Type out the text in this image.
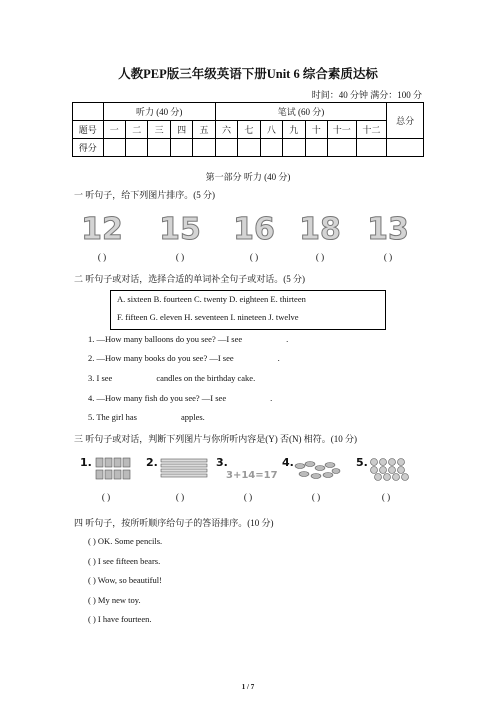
人教PEP版三年级英语下册Unit 6 综合素质达标
时间：40 分钟 满分：100 分
	听力 (40 分)					笔试 (60 分)							总分
题号	一	二	三	四	五	六	七	八	九	十	十一	十二	
得分													
第一部分 听力 (40 分)
一 听句子，给下列图片排序。(5 分)
12 15 16 18 13
( )	( )	( )	( )	( )
二 听句子或对话，选择合适的单词补全句子或对话。(5 分)
A. sixteen B. fourteen C. twenty D. eighteen E. thirteen
F. fifteen G. eleven H. seventeen I. nineteen J. twelve
1. —How many balloons do you see? —I see	.
2. —How many books do you see? —I see	.
3. I see	candles on the birthday cake.
4. —How many fish do you see? —I see	.
5. The girl has	apples.
三 听句子或对话，判断下列图片与你所听内容是(Y) 否(N) 相符。(10 分)
1.	2.	3.
3+14=17
4.	5.
( )	( )	( )	( )	( )
四 听句子，按所听顺序给句子的答语排序。(10 分)
( ) OK. Some pencils.
( ) I see fifteen bears.
( ) Wow, so beautiful!
( ) My new toy.
( ) I have fourteen.
1 / 7
